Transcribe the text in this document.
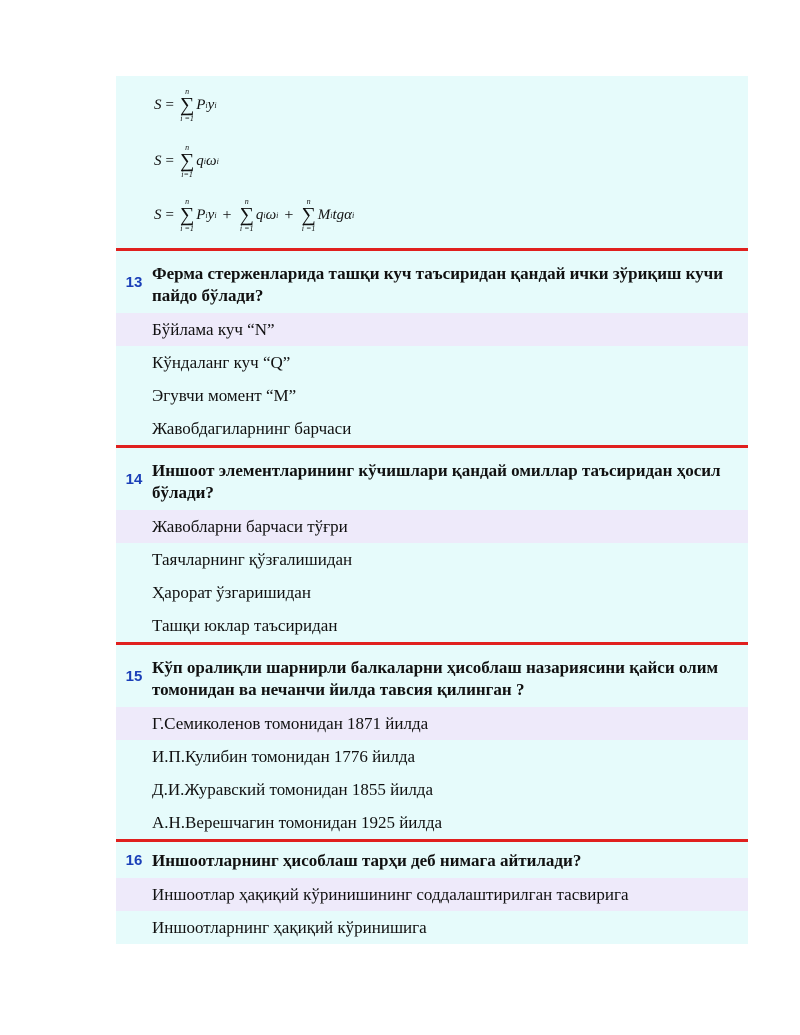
S =
n
∑
i =1
P i y i
S =
n
∑
i=1
q i ω i
S =
n
∑
i =1
P i y i +
n
∑
i =1
q i ω i +
n
∑
i =1
M i tgα i
13 Ферма стерженларида ташқи куч таъсиридан қандай ички зўриқиш кучи пайдо бўлади?
Бўйлама куч “N”
Кўндаланг куч “Q”
Эгувчи момент “M”
Жавобдагиларнинг барчаси
14 Иншоот элементларининг кўчишлари қандай омиллар таъсиридан ҳосил бўлади?
Жавобларни барчаси тўғри
Таячларнинг қўзғалишидан
Ҳарорат ўзгаришидан
Ташқи юклар таъсиридан
15 Кўп оралиқли шарнирли балкаларни ҳисоблаш назариясини қайси олим томонидан ва нечанчи йилда тавсия қилинган ?
Г.Семиколенов томонидан 1871 йилда
И.П.Кулибин томонидан 1776 йилда
Д.И.Журавский томонидан 1855 йилда
А.Н.Верешчагин томонидан 1925 йилда
16 Иншоотларнинг ҳисоблаш тарҳи деб нимага айтилади?
Иншоотлар ҳақиқий кўринишининг соддалаштирилган тасвирига
Иншоотларнинг ҳақиқий кўринишига
